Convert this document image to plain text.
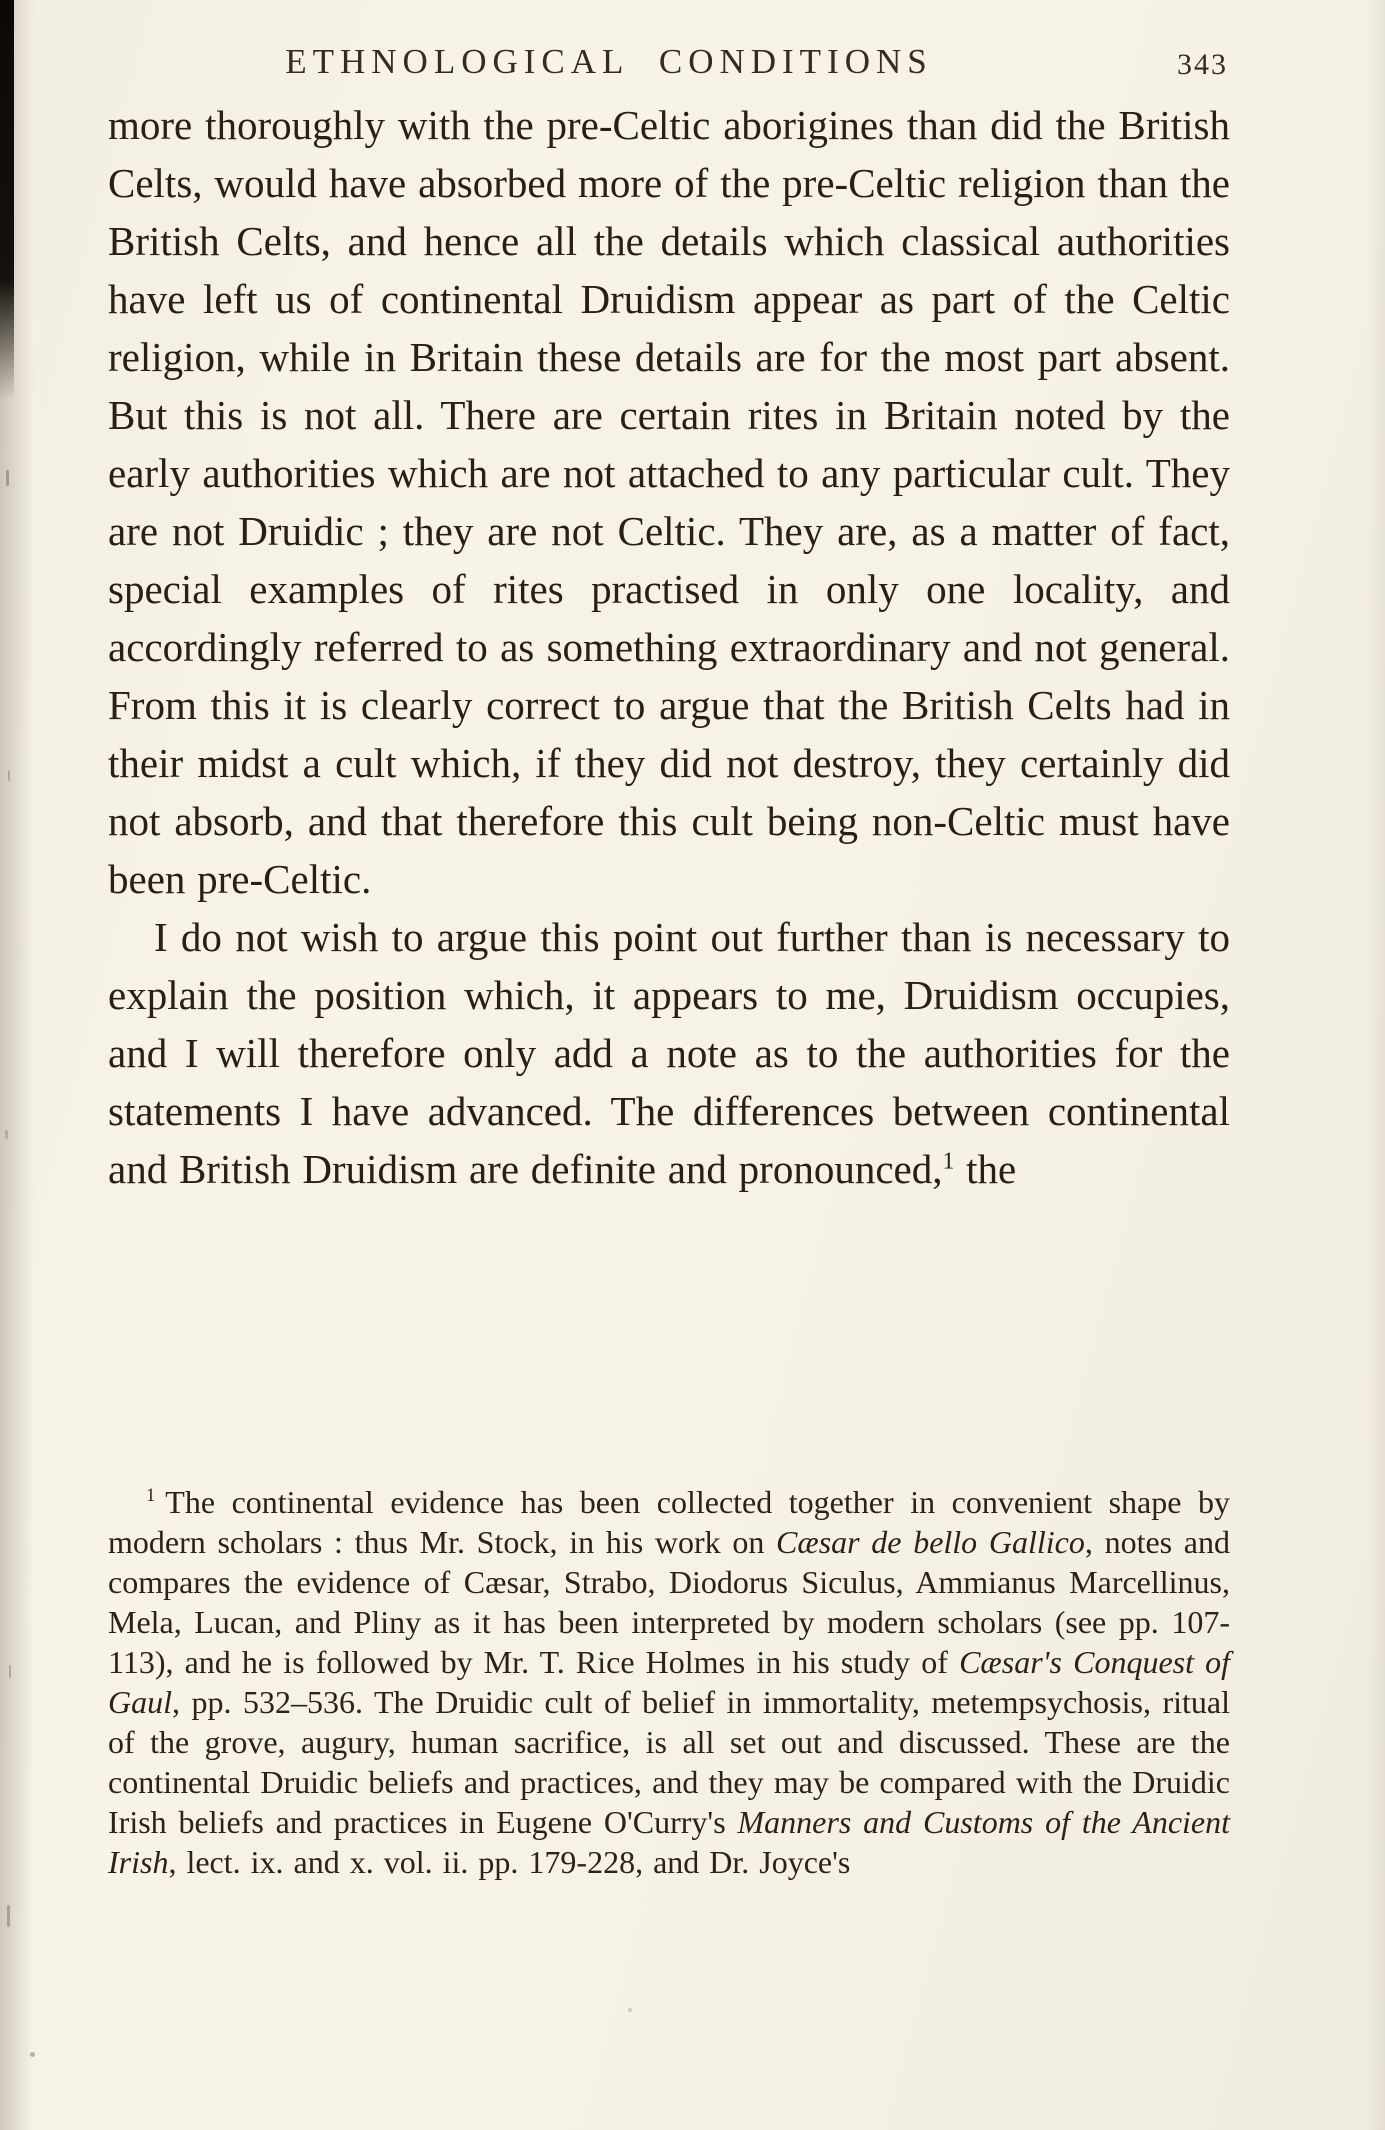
ETHNOLOGICAL CONDITIONS	343

more thoroughly with the pre-Celtic aborigines than did the British Celts, would have absorbed more of the pre-Celtic religion than the British Celts, and hence all the details which classical authorities have left us of continental Druidism appear as part of the Celtic religion, while in Britain these details are for the most part absent. But this is not all. There are certain rites in Britain noted by the early authorities which are not attached to any particular cult. They are not Druidic ; they are not Celtic. They are, as a matter of fact, special examples of rites practised in only one locality, and accordingly referred to as something extraordinary and not general. From this it is clearly correct to argue that the British Celts had in their midst a cult which, if they did not destroy, they certainly did not absorb, and that therefore this cult being non-Celtic must have been pre-Celtic.

I do not wish to argue this point out further than is necessary to explain the position which, it appears to me, Druidism occupies, and I will therefore only add a note as to the authorities for the statements I have advanced. The differences between continental and British Druidism are definite and pronounced,$^1$ the

$^1$ The continental evidence has been collected together in convenient shape by modern scholars : thus Mr. Stock, in his work on Cæsar de bello Gallico, notes and compares the evidence of Cæsar, Strabo, Diodorus Siculus, Ammianus Marcellinus, Mela, Lucan, and Pliny as it has been interpreted by modern scholars (see pp. 107-113), and he is followed by Mr. T. Rice Holmes in his study of Cæsar's Conquest of Gaul, pp. 532–536. The Druidic cult of belief in immortality, metempsychosis, ritual of the grove, augury, human sacrifice, is all set out and discussed. These are the continental Druidic beliefs and practices, and they may be compared with the Druidic Irish beliefs and practices in Eugene O'Curry's Manners and Customs of the Ancient Irish, lect. ix. and x. vol. ii. pp. 179-228, and Dr. Joyce's
